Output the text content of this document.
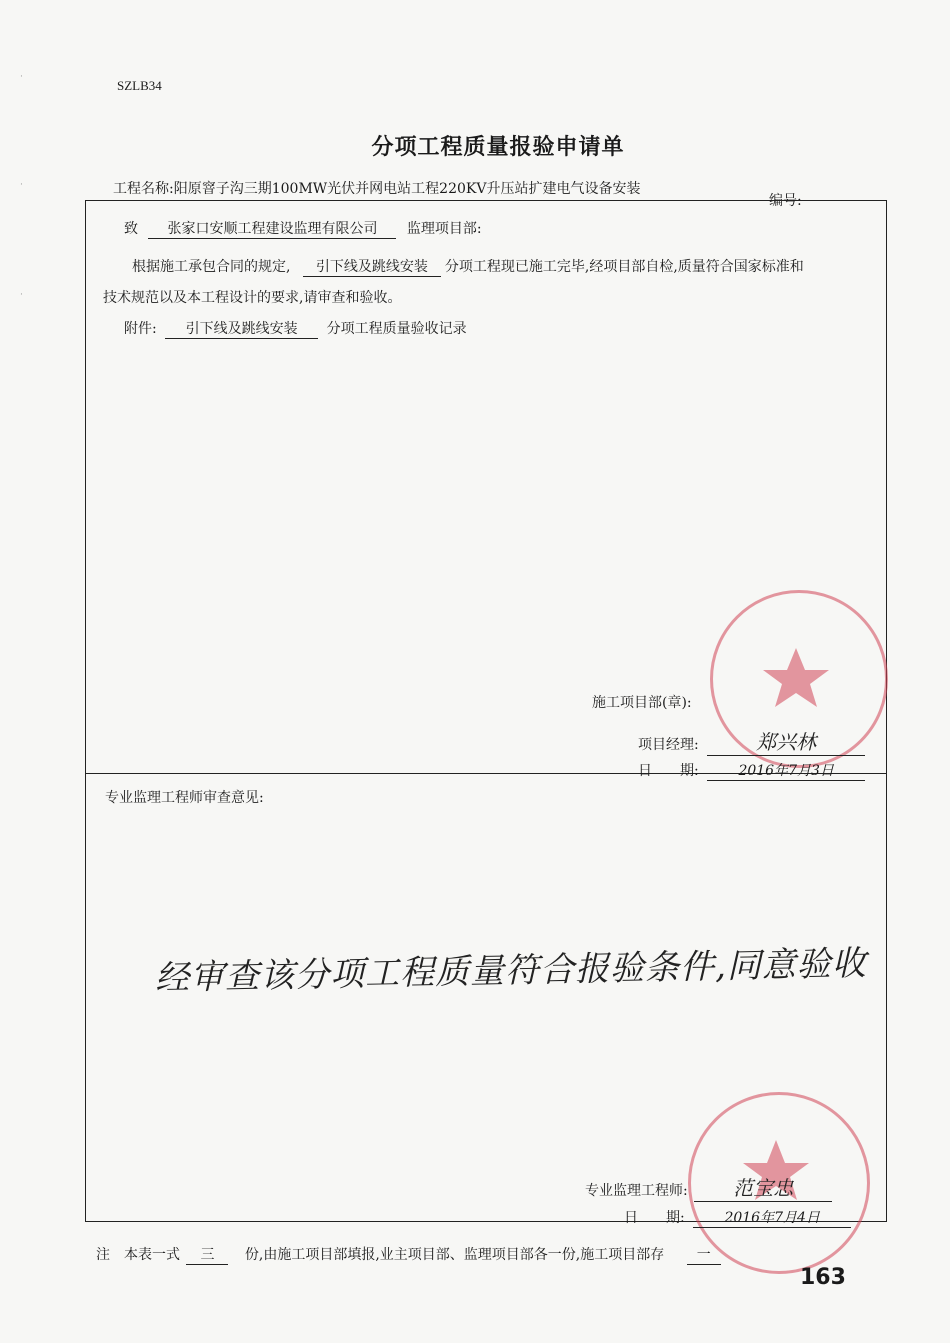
·
·
·
SZLB34
分项工程质量报验申请单
工程名称:阳原窨子沟三期100MW光伏并网电站工程220KV升压站扩建电气设备安装
编号:
致 张家口安顺工程建设监理有限公司 监理项目部:
根据施工承包合同的规定, 引下线及跳线安装 分项工程现已施工完毕,经项目部自检,质量符合国家标准和
技术规范以及本工程设计的要求,请审查和验收。
附件: 引下线及跳线安装 分项工程质量验收记录
施工项目部(章):
项目经理:	郑兴林
日　　期:	2016年7月3日
专业监理工程师审查意见:
经审查该分项工程质量符合报验条件,同意验收
专业监理工程师: 范宝忠
日　　期:	2016年7月4日
注　本表一式 三 份,由施工项目部填报,业主项目部、监理项目部各一份,施工项目部存 一
163
